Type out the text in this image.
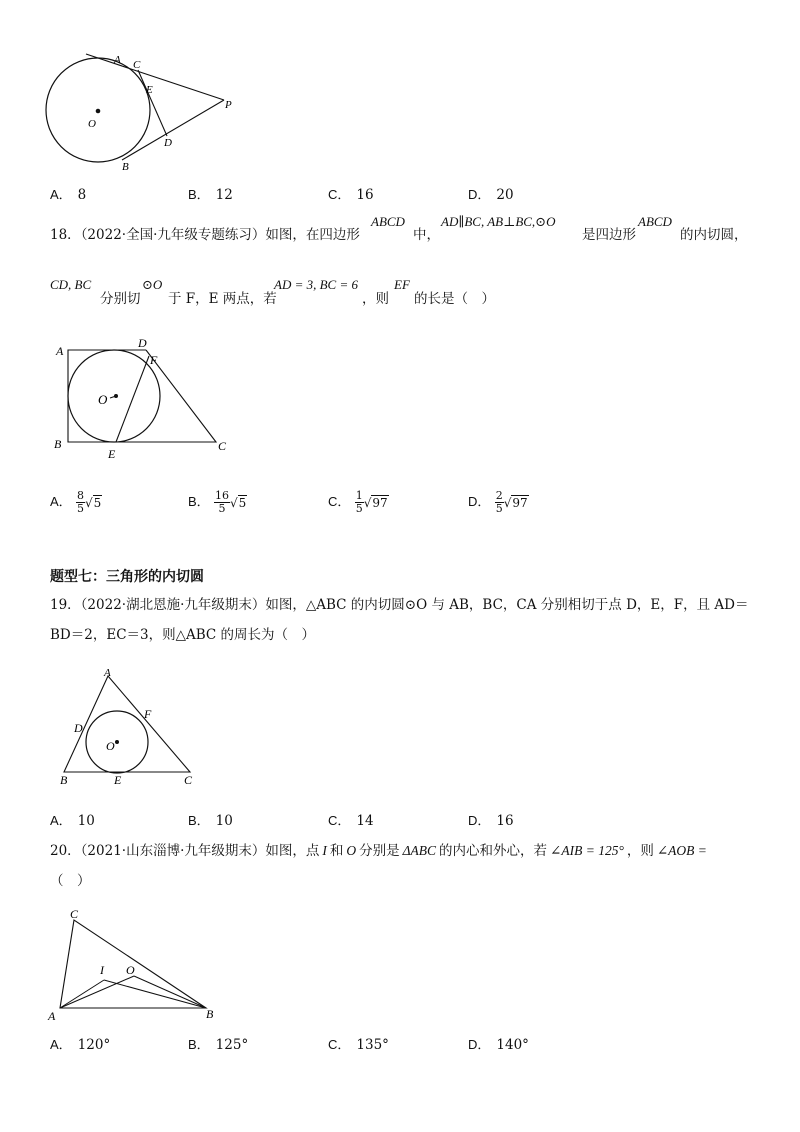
A C
E
P
O
D
B
A． 8	B． 12	C． 16	D． 20
18．（2022·全国·九年级专题练习）如图，在四边形
ABCD
中，
AD∥BC, AB⊥BC,⊙O
是四边形
ABCD
的内切圆，
CD, BC
分别切
⊙O
于 F，E 两点，若
AD = 3, BC = 6
，则
EF
的长是（　）
A
D
F
O
B
E
C
A． $\frac{8}{5} √5$	B． $\frac{16}{5} √5$	C． $\frac{1}{5} √97$	D． $\frac{2}{5} √97$
题型七：三角形的内切圆
19．（2022·湖北恩施·九年级期末）如图，△ABC 的内切圆⊙O 与 AB，BC，CA 分别相切于点 D，E，F，且 AD＝
BD＝2，EC＝3，则△ABC 的周长为（　）
A
D
F
O
B	E	C
A． 10	B． 10	C． 14	D． 16
20．（2021·山东淄博·九年级期末）如图，点 I 和 O 分别是 ΔABC 的内心和外心，若 ∠AIB = 125° ，则 ∠AOB =
（　）
C
I O
A	B
A． 120°	B． 125°	C． 135°	D． 140°
